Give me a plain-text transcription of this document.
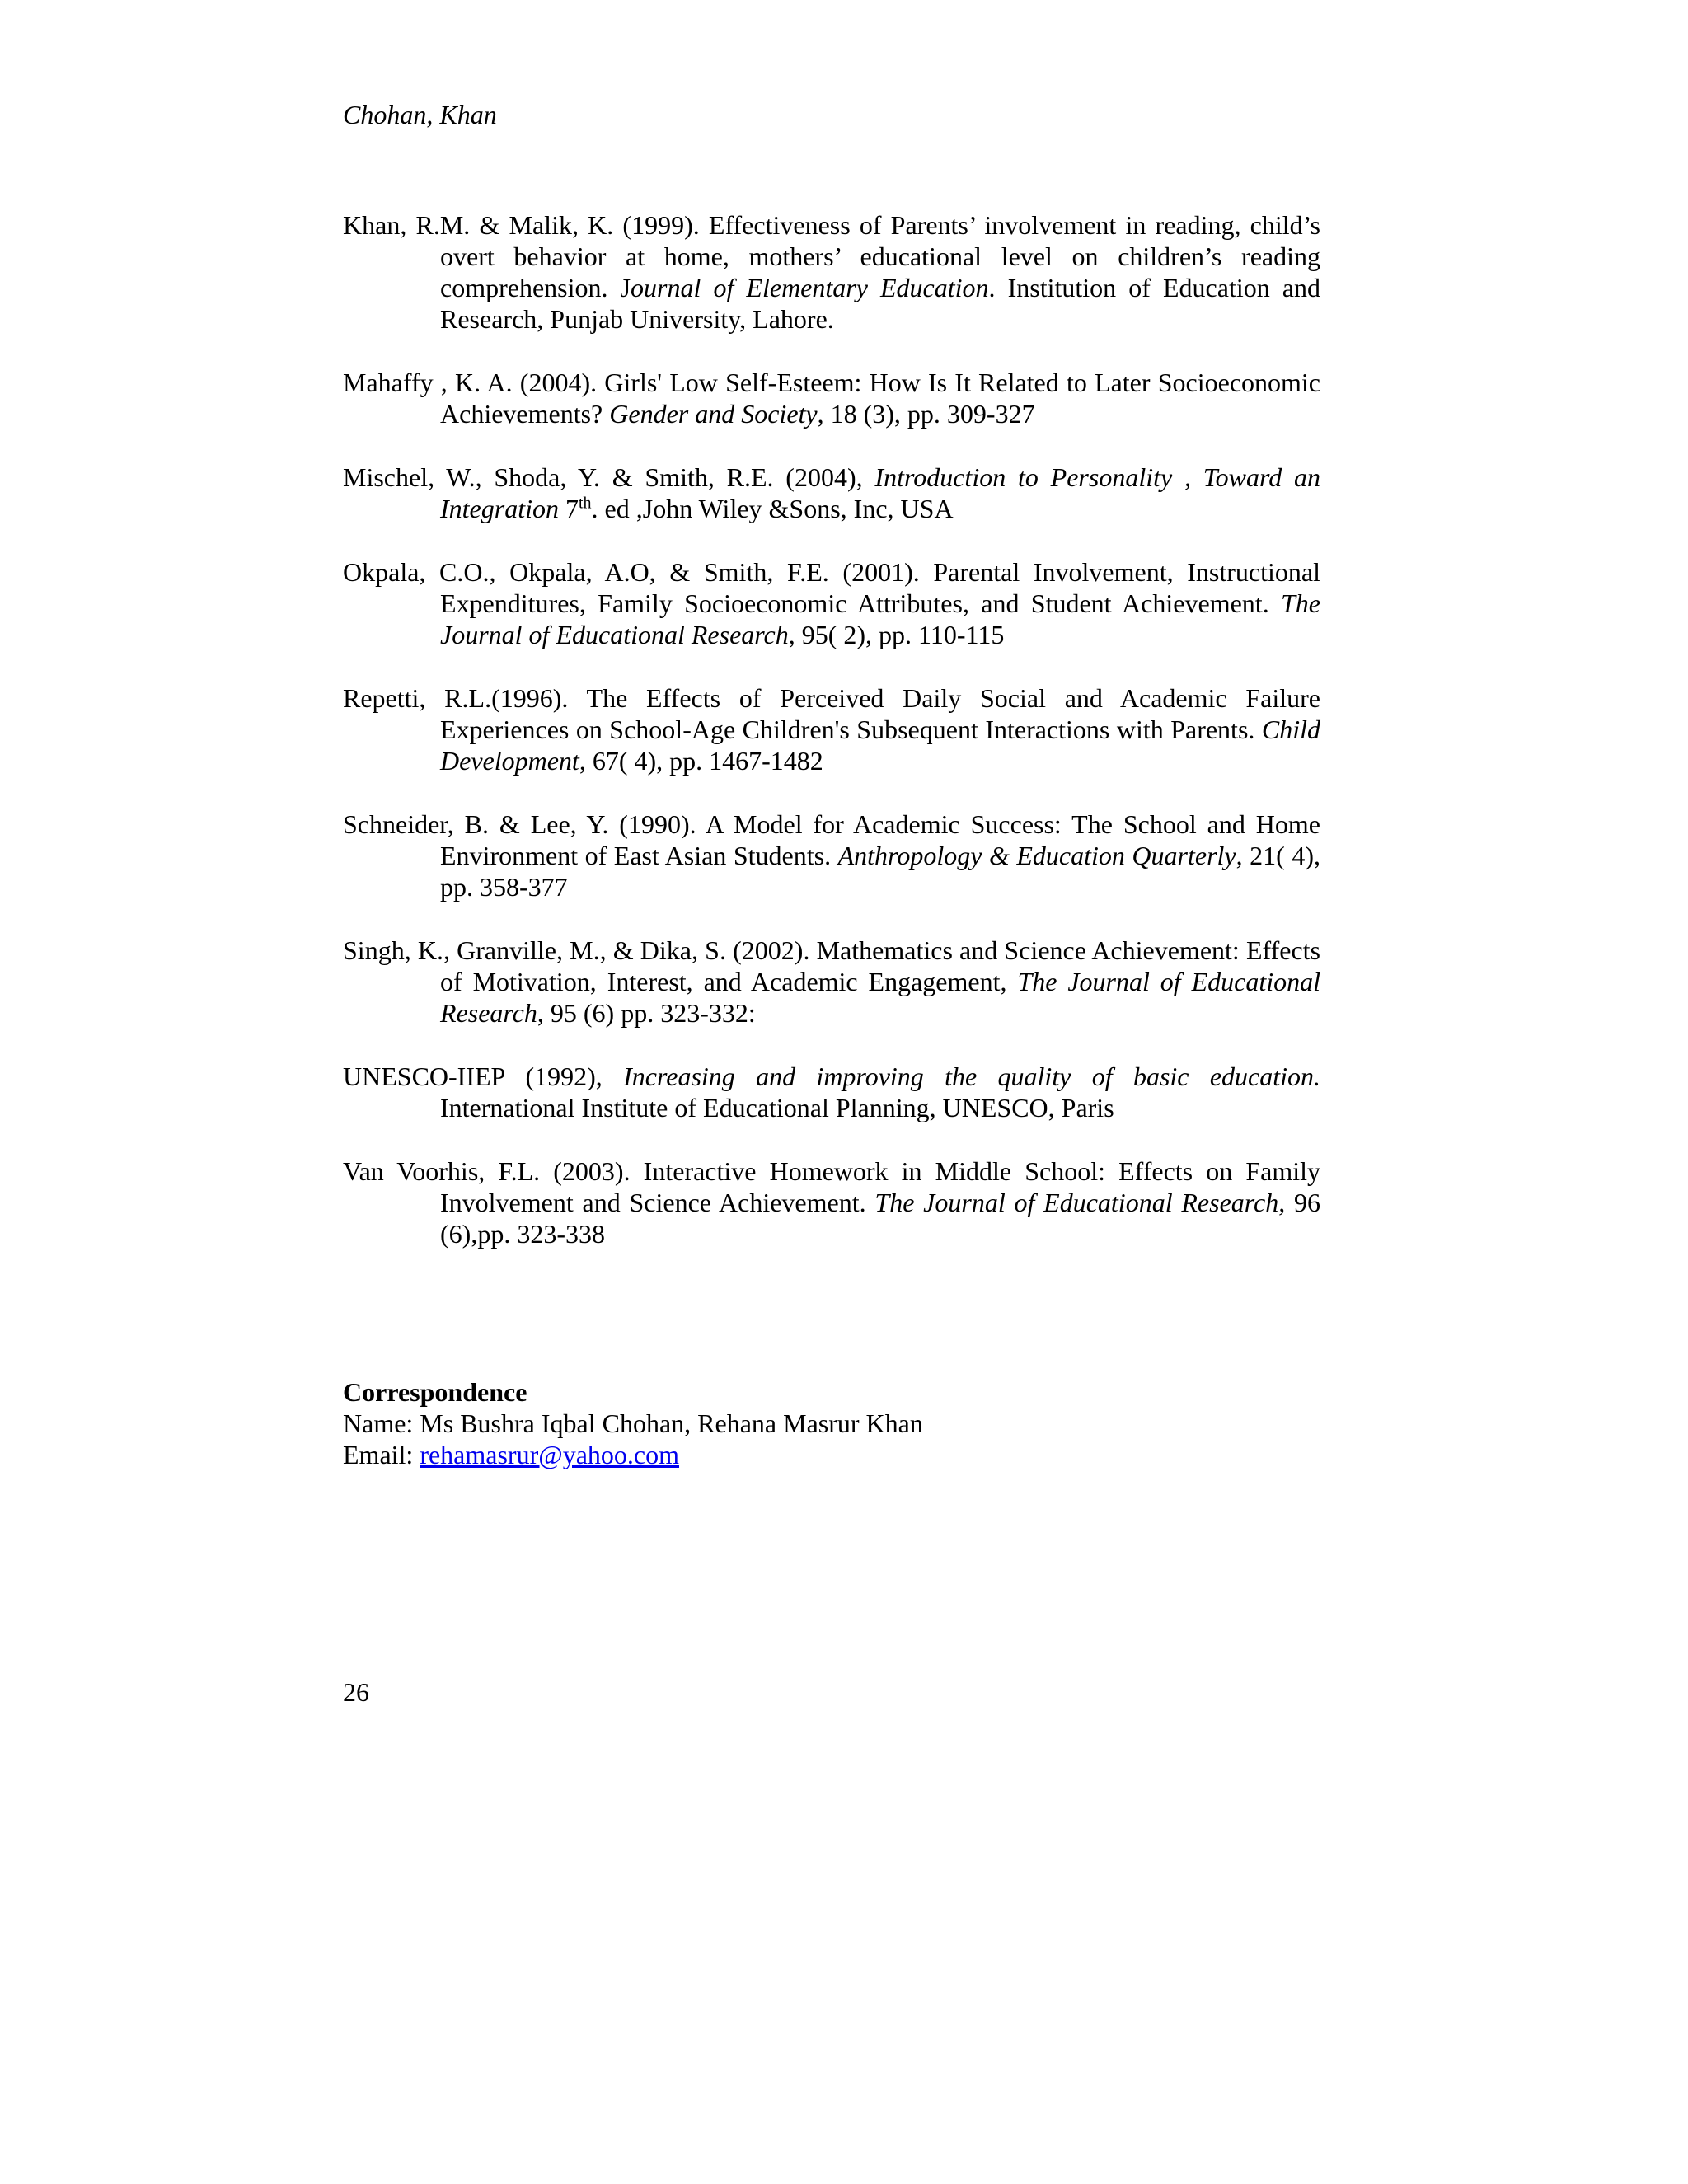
Chohan, Khan

Khan, R.M. & Malik, K. (1999). Effectiveness of Parents’ involvement in reading, child’s overt behavior at home, mothers’ educational level on children’s reading comprehension. Journal of Elementary Education. Institution of Education and Research, Punjab University, Lahore.
Mahaffy , K. A. (2004). Girls' Low Self-Esteem: How Is It Related to Later Socioeconomic Achievements? Gender and Society, 18 (3), pp. 309-327
Mischel, W., Shoda, Y. & Smith, R.E. (2004), Introduction to Personality , Toward an Integration 7th. ed ,John Wiley &Sons, Inc, USA
Okpala, C.O., Okpala, A.O, & Smith, F.E. (2001). Parental Involvement, Instructional Expenditures, Family Socioeconomic Attributes, and Student Achievement. The Journal of Educational Research, 95( 2), pp. 110-115
Repetti, R.L.(1996). The Effects of Perceived Daily Social and Academic Failure Experiences on School-Age Children's Subsequent Interactions with Parents. Child Development, 67( 4), pp. 1467-1482
Schneider, B. & Lee, Y. (1990). A Model for Academic Success: The School and Home Environment of East Asian Students. Anthropology & Education Quarterly, 21( 4), pp. 358-377
Singh, K., Granville, M., & Dika, S. (2002). Mathematics and Science Achievement: Effects of Motivation, Interest, and Academic Engagement, The Journal of Educational Research, 95 (6) pp. 323-332:
UNESCO-IIEP (1992), Increasing and improving the quality of basic education. International Institute of Educational Planning, UNESCO, Paris
Van Voorhis, F.L. (2003). Interactive Homework in Middle School: Effects on Family Involvement and Science Achievement. The Journal of Educational Research, 96 (6),pp. 323-338
Correspondence
Name: Ms Bushra Iqbal Chohan, Rehana Masrur Khan
Email: rehamasrur@yahoo.com

26
